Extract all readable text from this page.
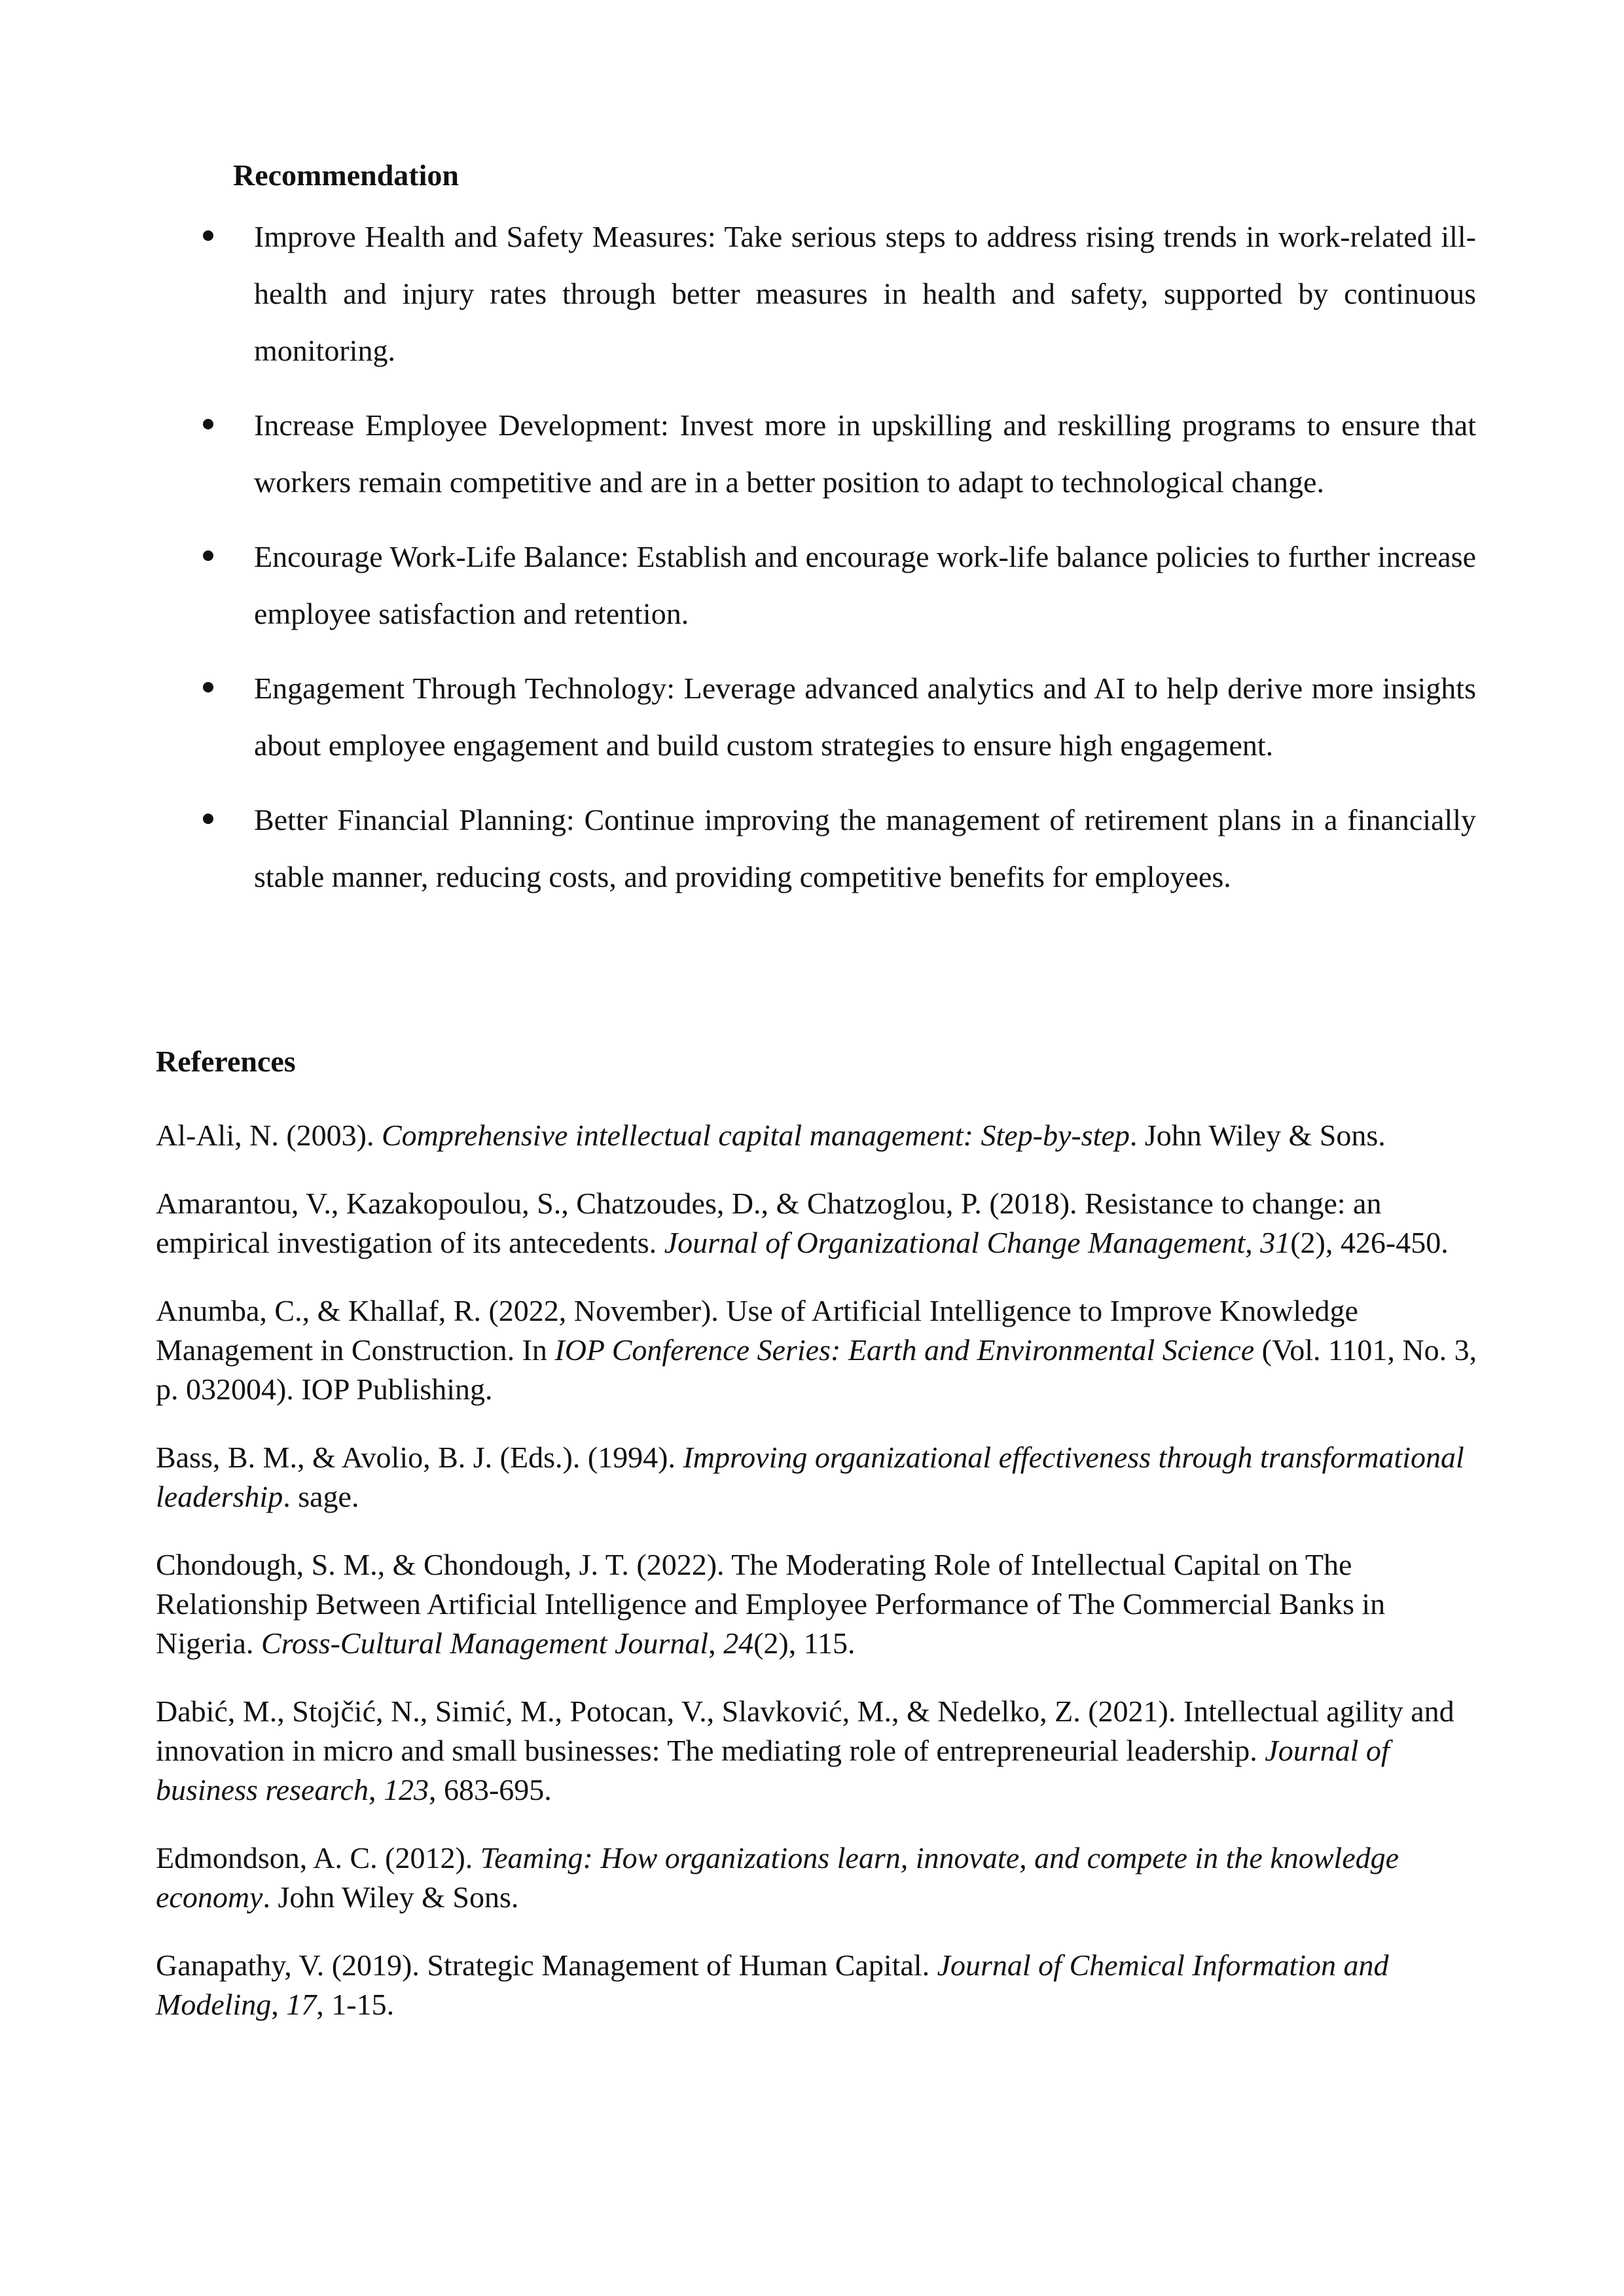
Recommendation
Improve Health and Safety Measures: Take serious steps to address rising trends in work-related ill-health and injury rates through better measures in health and safety, supported by continuous monitoring.
Increase Employee Development: Invest more in upskilling and reskilling programs to ensure that workers remain competitive and are in a better position to adapt to technological change.
Encourage Work-Life Balance: Establish and encourage work-life balance policies to further increase employee satisfaction and retention.
Engagement Through Technology: Leverage advanced analytics and AI to help derive more insights about employee engagement and build custom strategies to ensure high engagement.
Better Financial Planning: Continue improving the management of retirement plans in a financially stable manner, reducing costs, and providing competitive benefits for employees.
References

Al-Ali, N. (2003). Comprehensive intellectual capital management: Step-by-step. John Wiley & Sons.

Amarantou, V., Kazakopoulou, S., Chatzoudes, D., & Chatzoglou, P. (2018). Resistance to change: an empirical investigation of its antecedents. Journal of Organizational Change Management, 31(2), 426-450.

Anumba, C., & Khallaf, R. (2022, November). Use of Artificial Intelligence to Improve Knowledge Management in Construction. In IOP Conference Series: Earth and Environmental Science (Vol. 1101, No. 3, p. 032004). IOP Publishing.

Bass, B. M., & Avolio, B. J. (Eds.). (1994). Improving organizational effectiveness through transformational leadership. sage.

Chondough, S. M., & Chondough, J. T. (2022). The Moderating Role of Intellectual Capital on The Relationship Between Artificial Intelligence and Employee Performance of The Commercial Banks in Nigeria. Cross-Cultural Management Journal, 24(2), 115.

Dabić, M., Stojčić, N., Simić, M., Potocan, V., Slavković, M., & Nedelko, Z. (2021). Intellectual agility and innovation in micro and small businesses: The mediating role of entrepreneurial leadership. Journal of business research, 123, 683-695.

Edmondson, A. C. (2012). Teaming: How organizations learn, innovate, and compete in the knowledge economy. John Wiley & Sons.

Ganapathy, V. (2019). Strategic Management of Human Capital. Journal of Chemical Information and Modeling, 17, 1-15.
